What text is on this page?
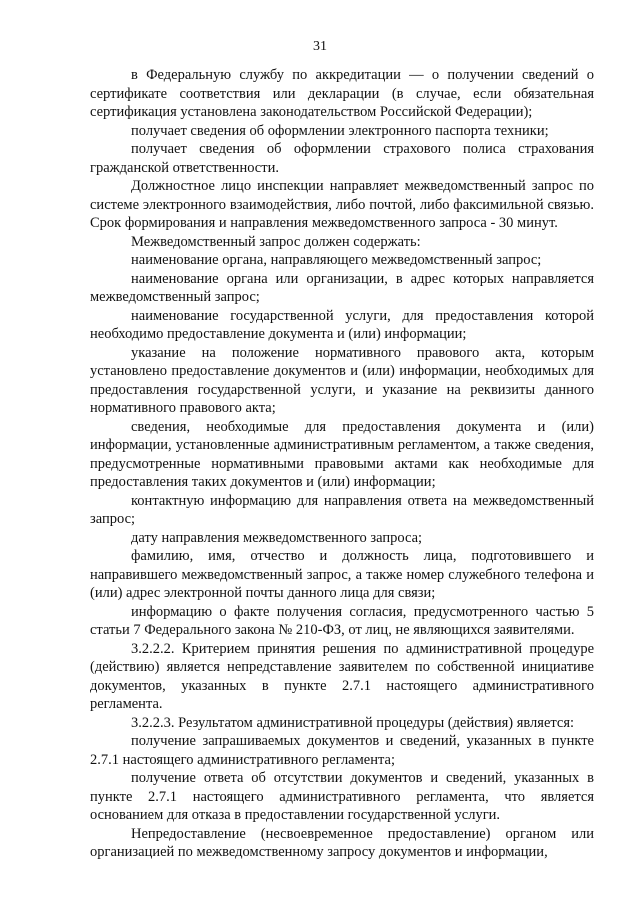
31

в Федеральную службу по аккредитации — о получении сведений о сертификате соответствия или декларации (в случае, если обязательная сертификация установлена законодательством Российской Федерации);

получает сведения об оформлении электронного паспорта техники;

получает сведения об оформлении страхового полиса страхования гражданской ответственности.

Должностное лицо инспекции направляет межведомственный запрос по системе электронного взаимодействия, либо почтой, либо факсимильной связью. Срок формирования и направления межведомственного запроса - 30 минут.

Межведомственный запрос должен содержать:

наименование органа, направляющего межведомственный запрос;

наименование органа или организации, в адрес которых направляется межведомственный запрос;

наименование государственной услуги, для предоставления которой необходимо предоставление документа и (или) информации;

указание на положение нормативного правового акта, которым установлено предоставление документов и (или) информации, необходимых для предоставления государственной услуги, и указание на реквизиты данного нормативного правового акта;

сведения, необходимые для предоставления документа и (или) информации, установленные административным регламентом, а также сведения, предусмотренные нормативными правовыми актами как необходимые для предоставления таких документов и (или) информации;

контактную информацию для направления ответа на межведомственный запрос;

дату направления межведомственного запроса;

фамилию, имя, отчество и должность лица, подготовившего и направившего межведомственный запрос, а также номер служебного телефона и (или) адрес электронной почты данного лица для связи;

информацию о факте получения согласия, предусмотренного частью 5 статьи 7 Федерального закона № 210-ФЗ, от лиц, не являющихся заявителями.

3.2.2.2. Критерием принятия решения по административной процедуре (действию) является непредставление заявителем по собственной инициативе документов, указанных в пункте 2.7.1 настоящего административного регламента.

3.2.2.3. Результатом административной процедуры (действия) является:

получение запрашиваемых документов и сведений, указанных в пункте 2.7.1 настоящего административного регламента;

получение ответа об отсутствии документов и сведений, указанных в пункте 2.7.1 настоящего административного регламента, что является основанием для отказа в предоставлении государственной услуги.

Непредоставление (несвоевременное предоставление) органом или организацией по межведомственному запросу документов и информации,
